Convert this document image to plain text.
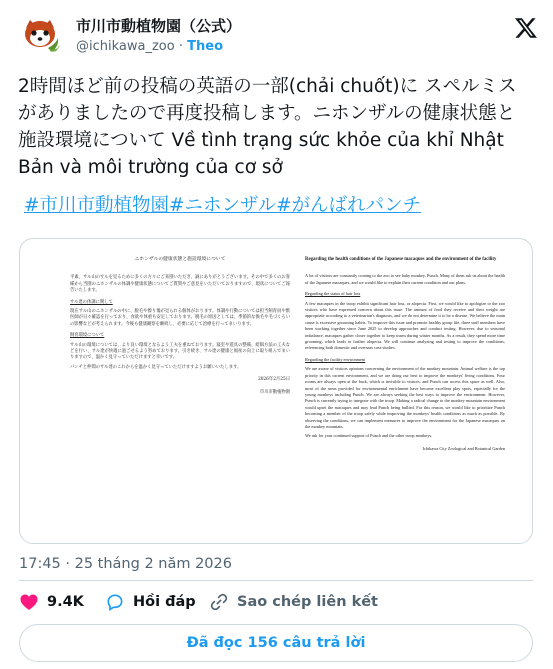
市川市動植物園（公式）
@ichikawa_zoo · Theo
2時間ほど前の投稿の英語の一部(chải chuốt)に スペルミスがありましたので再度投稿します。ニホンザルの健康状態と施設環境について Về tình trạng sức khỏe của khỉ Nhật Bản và môi trường của cơ sở
#市川市動植物園#ニホンザル#がんばれパンチ
ニホンザルの健康状態と施設環境について
平素、サル山のサルを見るために多くの方々にご来園いただき、誠にありがとうございます。その中で多くのお客様から当園のニホンザルの体調や健康状態についてご質問やご意見をいただいておりますので、現状についてご報告いたします。
サル達の体調に関して
現在サル山のニホンザルの中に、脱毛や擦り傷が見られる個体がおります。体調や行動については担当飼育員や獣医師が日々確認を行っており、食欲や体重も安定しております。脱毛の原因としては、季節的な換毛や毛づくろいの影響などが考えられます。今後も健康観察を継続し、必要に応じて治療を行ってまいります。
飼育環境について
サル山の環境については、より良い環境となるよう工夫を重ねております。寝室や遊具の整備、給餌方法の工夫などを行い、サル達が快適に過ごせるよう努めております。引き続き、サル達の健康と福祉の向上に取り組んでまいりますので、温かく見守っていただけますと幸いです。
パンチと仲間のサル達のこれからを温かく見守っていただけますようお願いいたします。
2026年2月25日
市川市動植物園
Regarding the health conditions of the Japanese macaques and the environment of the facility
A lot of visitors are constantly coming to the zoo to see baby monkey, Punch. Many of them ask us about the health of the Japanese macaques, and we would like to explain their current condition and our plans.
Regarding the status of hair loss
A few macaques in the troop exhibit significant hair loss, or alopecia. First, we would like to apologize to the zoo visitors who have expressed concern about this issue. The amount of food they receive and their weight are appropriate according to a veterinarian's diagnosis, and we do not determine it to be a disease. We believe the main cause is excessive grooming habits. To improve this issue and promote healthy group life, three staff members have been working together since June 2025 to develop approaches and conduct testing. However, due to seasonal imbalance, macaques gather closer together to keep warm during winter months. As a result, they spend more time grooming, which leads to further alopecia. We will continue analyzing and testing to improve the conditions, referencing both domestic and overseas case studies.
Regarding the facility environment
We are aware of visitors opinions concerning the environment of the monkey mountain. Animal welfare is the top priority in this current environment, and we are doing our best to improve the monkeys' living conditions. Four rooms are always open at the back, which is invisible to visitors, and Punch can access this space as well. Also, most of the areas provided for environmental enrichment have become excellent play spots, especially for the young monkeys including Punch. We are always seeking the best ways to improve the environment. However, Punch is currently trying to integrate with the troop. Making a radical change to the monkey mountain environment would upset the macaques and may lead Punch being bullied. For this reason, we would like to prioritize Punch becoming a member of the troop safely while improving the monkeys' health conditions as much as possible. By observing the conditions, we can implement measures to improve the environment for the Japanese macaques on the monkey mountain.
We ask for your continued support of Punch and the other troop monkeys.
Ichikawa City Zoological and Botanical Garden
17:45 · 25 tháng 2 năm 2026
9.4K	Hồi đáp	Sao chép liên kết
Đã đọc 156 câu trả lời
